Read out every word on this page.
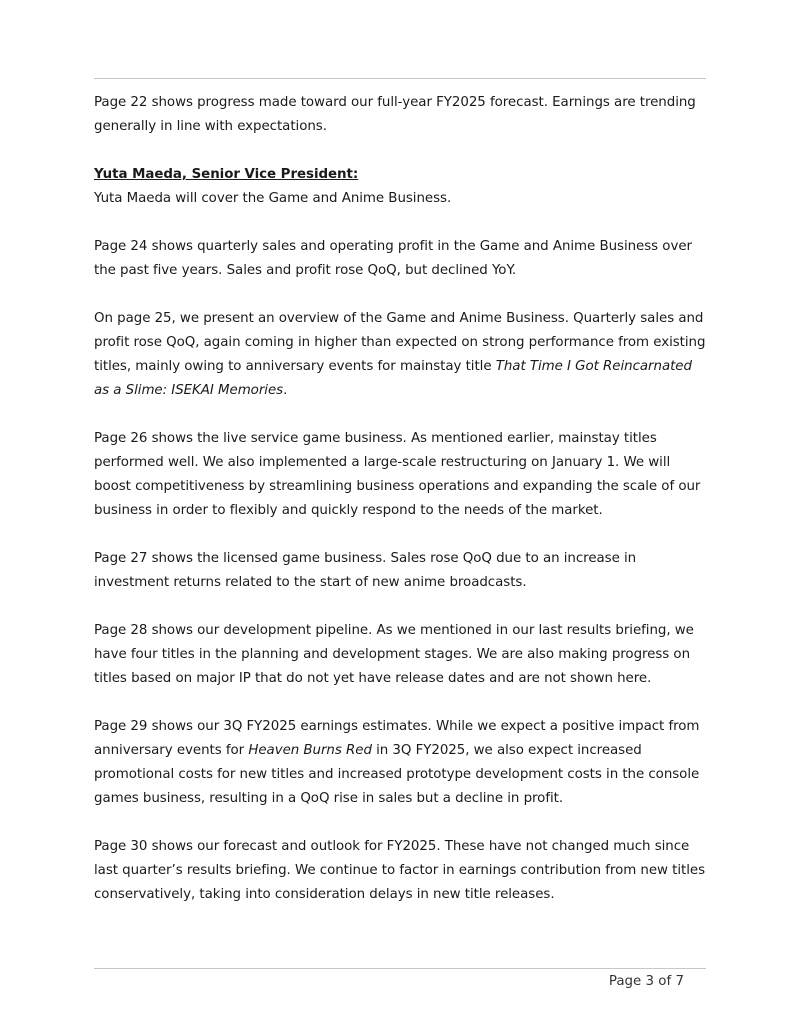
Page 22 shows progress made toward our full-year FY2025 forecast. Earnings are trending generally in line with expectations.

Yuta Maeda, Senior Vice President:

Yuta Maeda will cover the Game and Anime Business.

Page 24 shows quarterly sales and operating profit in the Game and Anime Business over the past five years. Sales and profit rose QoQ, but declined YoY.

On page 25, we present an overview of the Game and Anime Business. Quarterly sales and profit rose QoQ, again coming in higher than expected on strong performance from existing titles, mainly owing to anniversary events for mainstay title That Time I Got Reincarnated as a Slime: ISEKAI Memories.

Page 26 shows the live service game business. As mentioned earlier, mainstay titles performed well. We also implemented a large-scale restructuring on January 1. We will boost competitiveness by streamlining business operations and expanding the scale of our business in order to flexibly and quickly respond to the needs of the market.

Page 27 shows the licensed game business. Sales rose QoQ due to an increase in investment returns related to the start of new anime broadcasts.

Page 28 shows our development pipeline. As we mentioned in our last results briefing, we have four titles in the planning and development stages. We are also making progress on titles based on major IP that do not yet have release dates and are not shown here.

Page 29 shows our 3Q FY2025 earnings estimates. While we expect a positive impact from anniversary events for Heaven Burns Red in 3Q FY2025, we also expect increased promotional costs for new titles and increased prototype development costs in the console games business, resulting in a QoQ rise in sales but a decline in profit.

Page 30 shows our forecast and outlook for FY2025. These have not changed much since last quarter’s results briefing. We continue to factor in earnings contribution from new titles conservatively, taking into consideration delays in new title releases.

Page 3 of 7
